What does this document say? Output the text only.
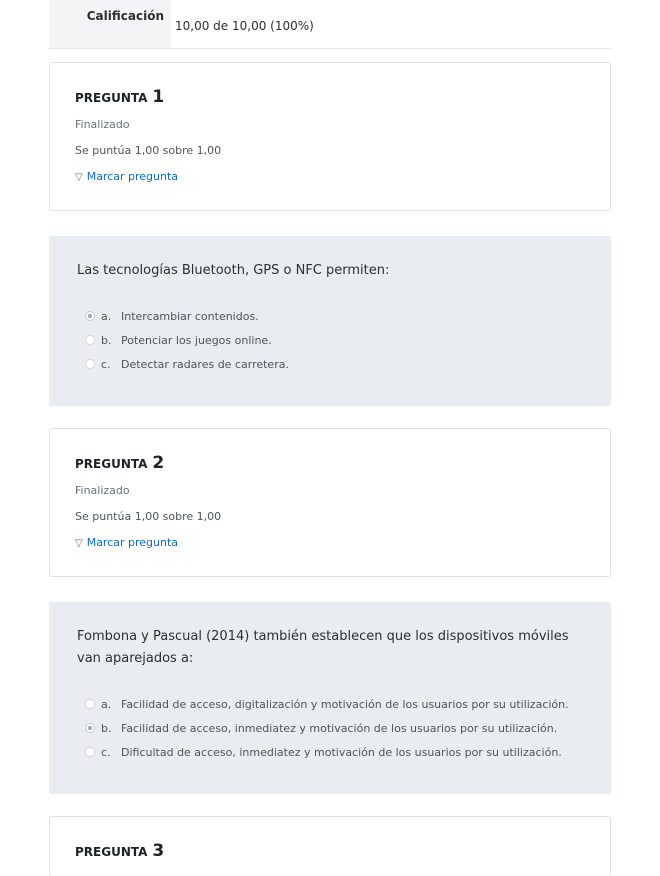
Calificación
10,00 de 10,00 (100%)
PREGUNTA 1
Finalizado
Se puntúa 1,00 sobre 1,00
▽ Marcar pregunta

Las tecnologías Bluetooth, GPS o NFC permiten:

a. Intercambiar contenidos.
b. Potenciar los juegos online.
c. Detectar radares de carretera.
PREGUNTA 2
Finalizado
Se puntúa 1,00 sobre 1,00
▽ Marcar pregunta

Fombona y Pascual (2014) también establecen que los dispositivos móviles van aparejados a:

a. Facilidad de acceso, digitalización y motivación de los usuarios por su utilización.
b. Facilidad de acceso, inmediatez y motivación de los usuarios por su utilización.
c. Dificultad de acceso, inmediatez y motivación de los usuarios por su utilización.
PREGUNTA 3
